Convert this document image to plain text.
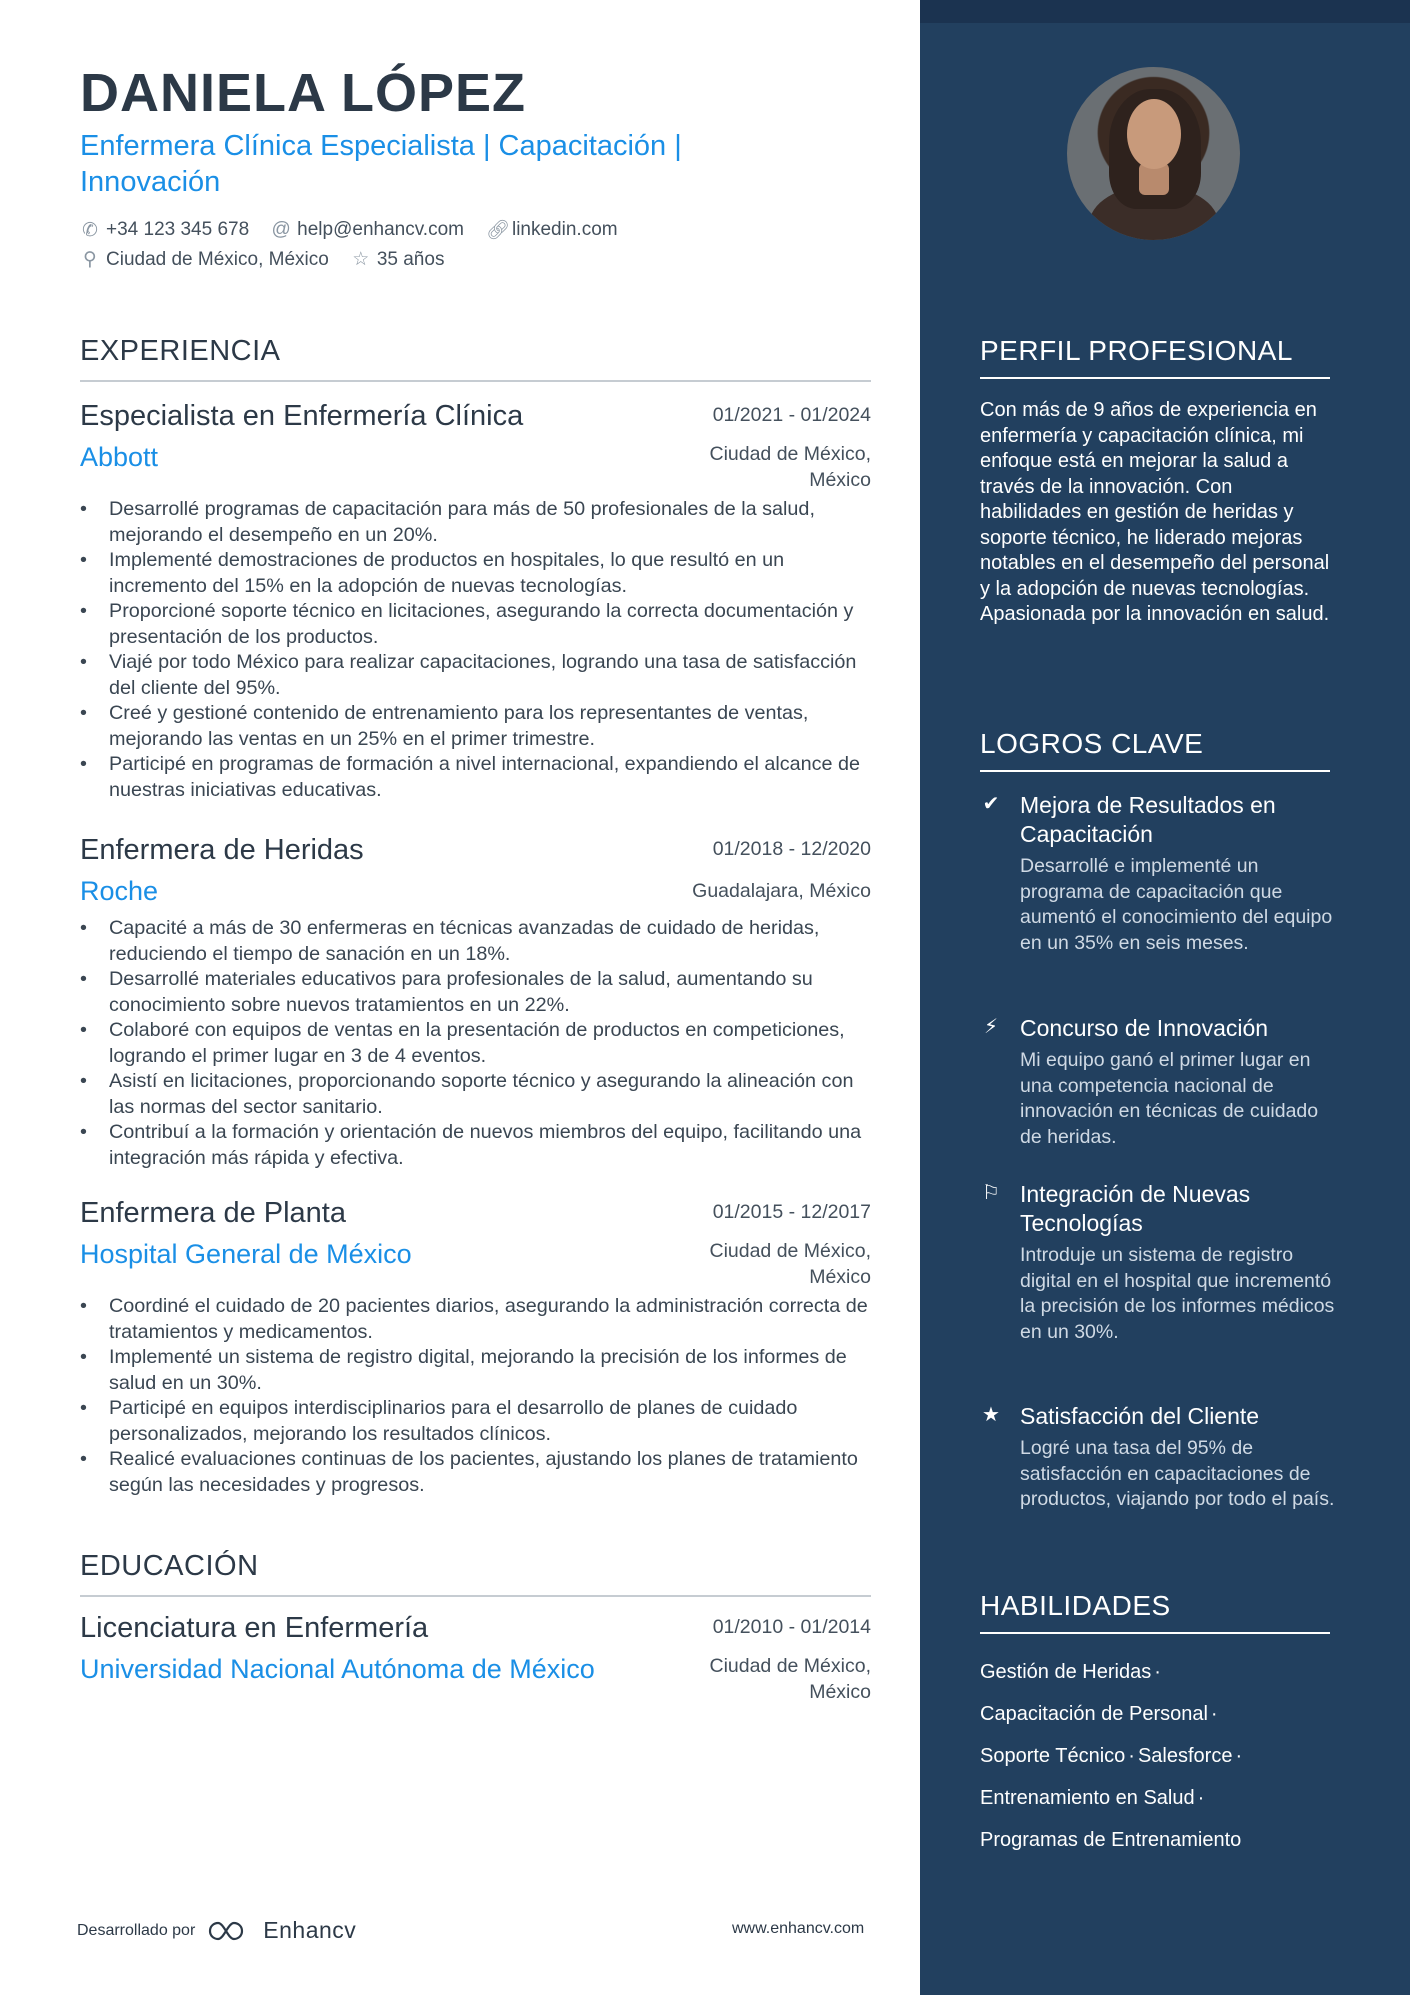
DANIELA LÓPEZ
Enfermera Clínica Especialista | Capacitación | Innovación
✆ +34 123 345 678 @ help@enhancv.com 🔗︎ linkedin.com
⚲ Ciudad de México, México ☆ 35 años
EXPERIENCIA
Especialista en Enfermería Clínica	01/2021 - 01/2024
Abbott	Ciudad de México, México
• Desarrollé programas de capacitación para más de 50 profesionales de la salud, mejorando el desempeño en un 20%.
• Implementé demostraciones de productos en hospitales, lo que resultó en un incremento del 15% en la adopción de nuevas tecnologías.
• Proporcioné soporte técnico en licitaciones, asegurando la correcta documentación y presentación de los productos.
• Viajé por todo México para realizar capacitaciones, logrando una tasa de satisfacción del cliente del 95%.
• Creé y gestioné contenido de entrenamiento para los representantes de ventas, mejorando las ventas en un 25% en el primer trimestre.
• Participé en programas de formación a nivel internacional, expandiendo el alcance de nuestras iniciativas educativas.
Enfermera de Heridas	01/2018 - 12/2020
Roche	Guadalajara, México
• Capacité a más de 30 enfermeras en técnicas avanzadas de cuidado de heridas, reduciendo el tiempo de sanación en un 18%.
• Desarrollé materiales educativos para profesionales de la salud, aumentando su conocimiento sobre nuevos tratamientos en un 22%.
• Colaboré con equipos de ventas en la presentación de productos en competiciones, logrando el primer lugar en 3 de 4 eventos.
• Asistí en licitaciones, proporcionando soporte técnico y asegurando la alineación con las normas del sector sanitario.
• Contribuí a la formación y orientación de nuevos miembros del equipo, facilitando una integración más rápida y efectiva.
Enfermera de Planta	01/2015 - 12/2017
Hospital General de México	Ciudad de México, México
• Coordiné el cuidado de 20 pacientes diarios, asegurando la administración correcta de tratamientos y medicamentos.
• Implementé un sistema de registro digital, mejorando la precisión de los informes de salud en un 30%.
• Participé en equipos interdisciplinarios para el desarrollo de planes de cuidado personalizados, mejorando los resultados clínicos.
• Realicé evaluaciones continuas de los pacientes, ajustando los planes de tratamiento según las necesidades y progresos.
EDUCACIÓN
Licenciatura en Enfermería	01/2010 - 01/2014
Universidad Nacional Autónoma de México	Ciudad de México, México
Desarrollado por	Enhancv	www.enhancv.com
PERFIL PROFESIONAL

Con más de 9 años de experiencia en enfermería y capacitación clínica, mi enfoque está en mejorar la salud a través de la innovación. Con habilidades en gestión de heridas y soporte técnico, he liderado mejoras notables en el desempeño del personal y la adopción de nuevas tecnologías. Apasionada por la innovación en salud.

LOGROS CLAVE
✔ Mejora de Resultados en Capacitación
Desarrollé e implementé un programa de capacitación que aumentó el conocimiento del equipo en un 35% en seis meses.
⚡︎ Concurso de Innovación
Mi equipo ganó el primer lugar en una competencia nacional de innovación en técnicas de cuidado de heridas.
⚐ Integración de Nuevas Tecnologías
Introduje un sistema de registro digital en el hospital que incrementó la precisión de los informes médicos en un 30%.
★ Satisfacción del Cliente
Logré una tasa del 95% de satisfacción en capacitaciones de productos, viajando por todo el país.
HABILIDADES
Gestión de Heridas ·
Capacitación de Personal ·
Soporte Técnico · Salesforce ·
Entrenamiento en Salud ·
Programas de Entrenamiento
